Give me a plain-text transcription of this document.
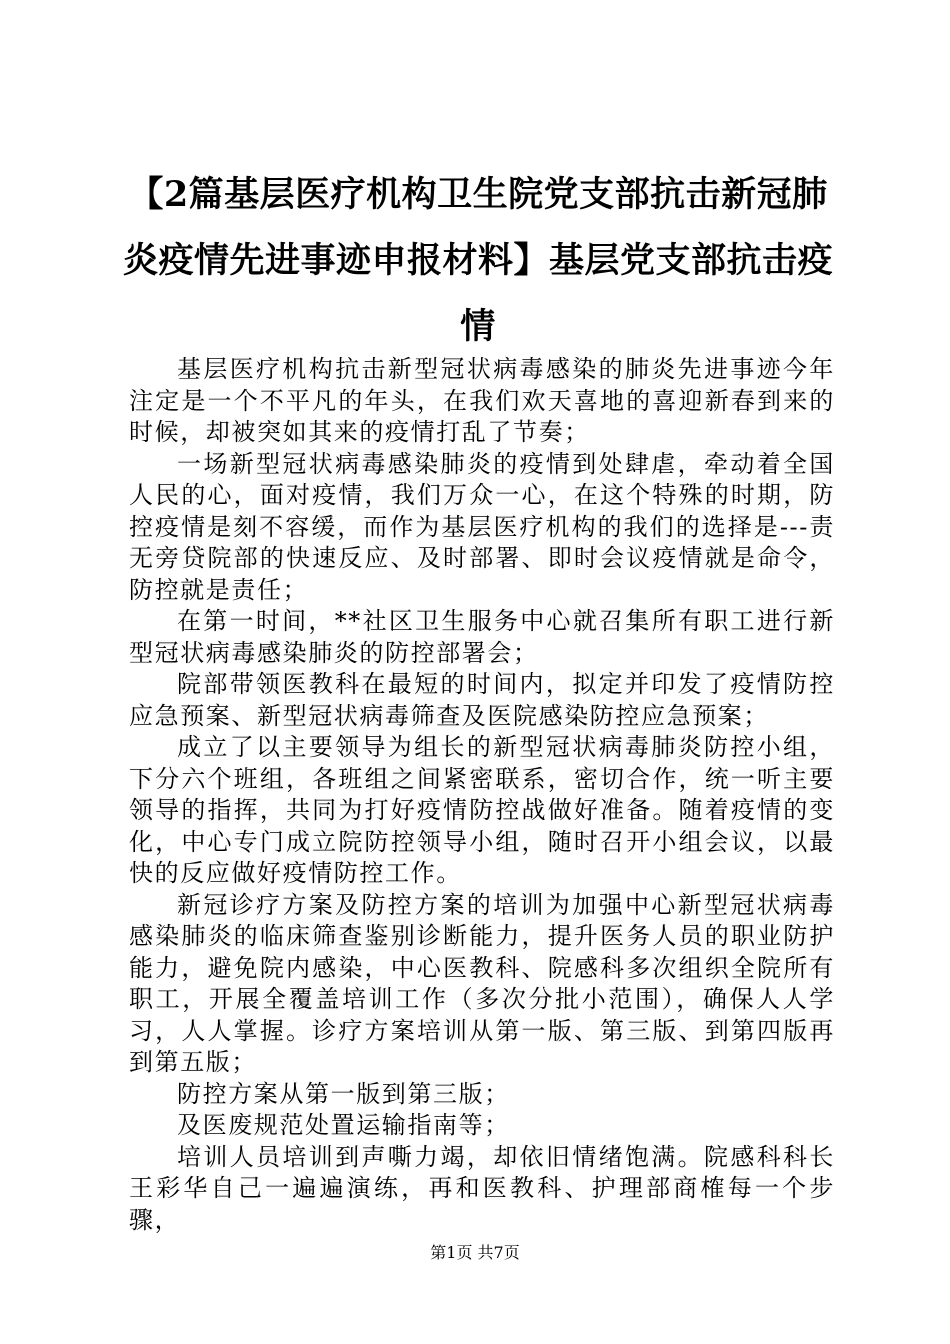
【2篇基层医疗机构卫生院党支部抗击新冠肺炎疫情先进事迹申报材料】基层党支部抗击疫情

基层医疗机构抗击新型冠状病毒感染的肺炎先进事迹今年注定是一个不平凡的年头，在我们欢天喜地的喜迎新春到来的时候，却被突如其来的疫情打乱了节奏；

一场新型冠状病毒感染肺炎的疫情到处肆虐，牵动着全国人民的心，面对疫情，我们万众一心，在这个特殊的时期，防控疫情是刻不容缓，而作为基层医疗机构的我们的选择是---责无旁贷院部的快速反应、及时部署、即时会议疫情就是命令，防控就是责任；

在第一时间，**社区卫生服务中心就召集所有职工进行新型冠状病毒感染肺炎的防控部署会；

院部带领医教科在最短的时间内，拟定并印发了疫情防控应急预案、新型冠状病毒筛查及医院感染防控应急预案；

成立了以主要领导为组长的新型冠状病毒肺炎防控小组，下分六个班组，各班组之间紧密联系，密切合作，统一听主要领导的指挥，共同为打好疫情防控战做好准备。随着疫情的变化，中心专门成立院防控领导小组，随时召开小组会议，以最快的反应做好疫情防控工作。

新冠诊疗方案及防控方案的培训为加强中心新型冠状病毒感染肺炎的临床筛查鉴别诊断能力，提升医务人员的职业防护能力，避免院内感染，中心医教科、院感科多次组织全院所有职工，开展全覆盖培训工作（多次分批小范围），确保人人学习，人人掌握。诊疗方案培训从第一版、第三版、到第四版再到第五版；

防控方案从第一版到第三版；

及医废规范处置运输指南等；

培训人员培训到声嘶力竭，却依旧情绪饱满。院感科科长王彩华自己一遍遍演练，再和医教科、护理部商榷每一个步骤，

第1页 共7页
